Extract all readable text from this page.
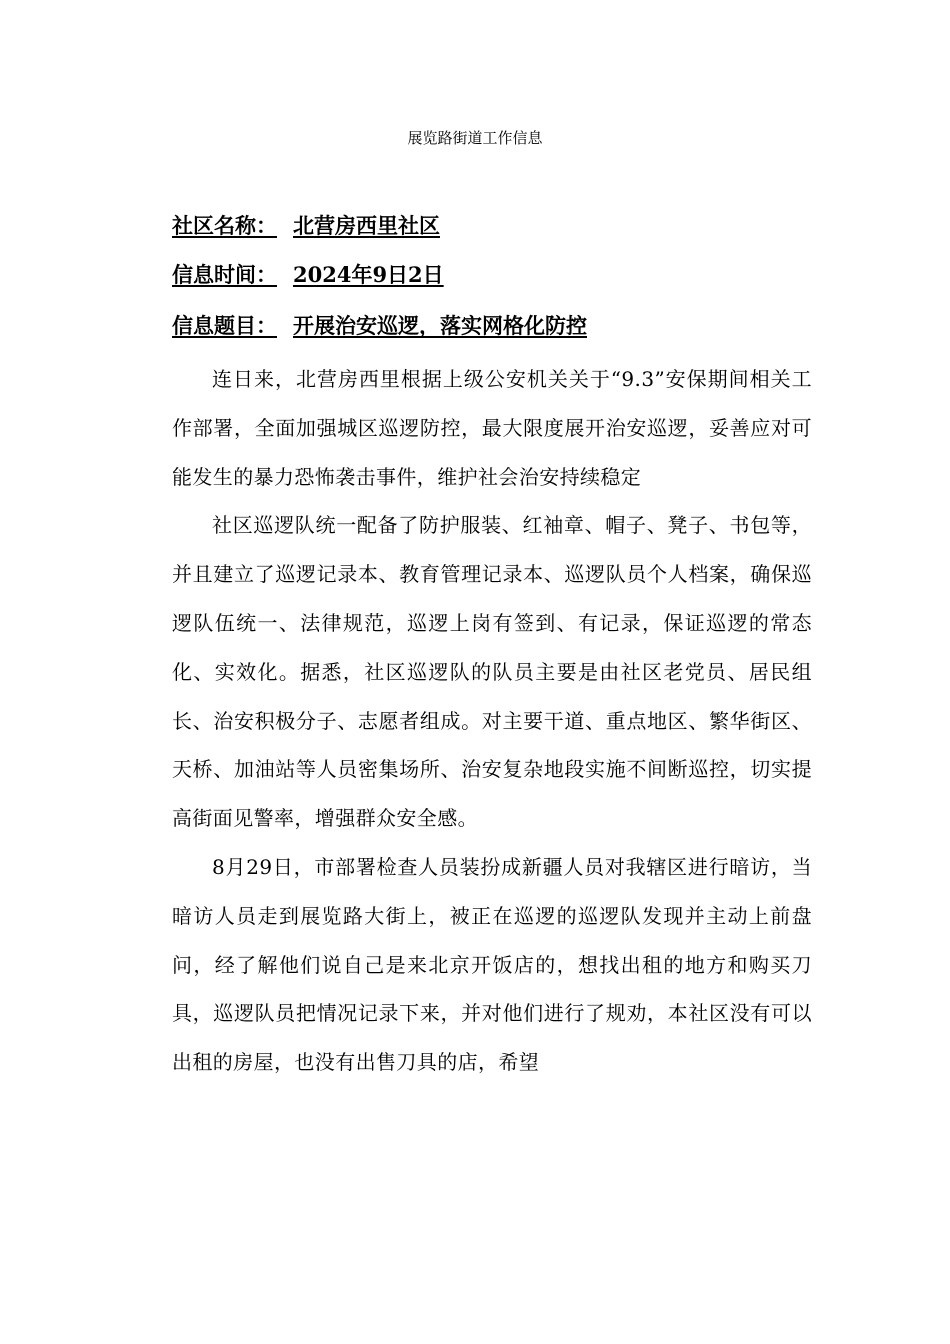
展览路街道工作信息
社区名称： 北营房西里社区
信息时间： 2024年9日2日
信息题目： 开展治安巡逻，落实网格化防控

连日来，北营房西里根据上级公安机关关于“9.3”安保期间相关工作部署，全面加强城区巡逻防控，最大限度展开治安巡逻，妥善应对可能发生的暴力恐怖袭击事件，维护社会治安持续稳定

社区巡逻队统一配备了防护服装、红袖章、帽子、凳子、书包等，并且建立了巡逻记录本、教育管理记录本、巡逻队员个人档案，确保巡逻队伍统一、法律规范，巡逻上岗有签到、有记录，保证巡逻的常态化、实效化。据悉，社区巡逻队的队员主要是由社区老党员、居民组长、治安积极分子、志愿者组成。对主要干道、重点地区、繁华街区、天桥、加油站等人员密集场所、治安复杂地段实施不间断巡控，切实提高街面见警率，增强群众安全感。

8月29日，市部署检查人员装扮成新疆人员对我辖区进行暗访，当暗访人员走到展览路大街上，被正在巡逻的巡逻队发现并主动上前盘问，经了解他们说自己是来北京开饭店的，想找出租的地方和购买刀具，巡逻队员把情况记录下来，并对他们进行了规劝，本社区没有可以出租的房屋，也没有出售刀具的店，希望
